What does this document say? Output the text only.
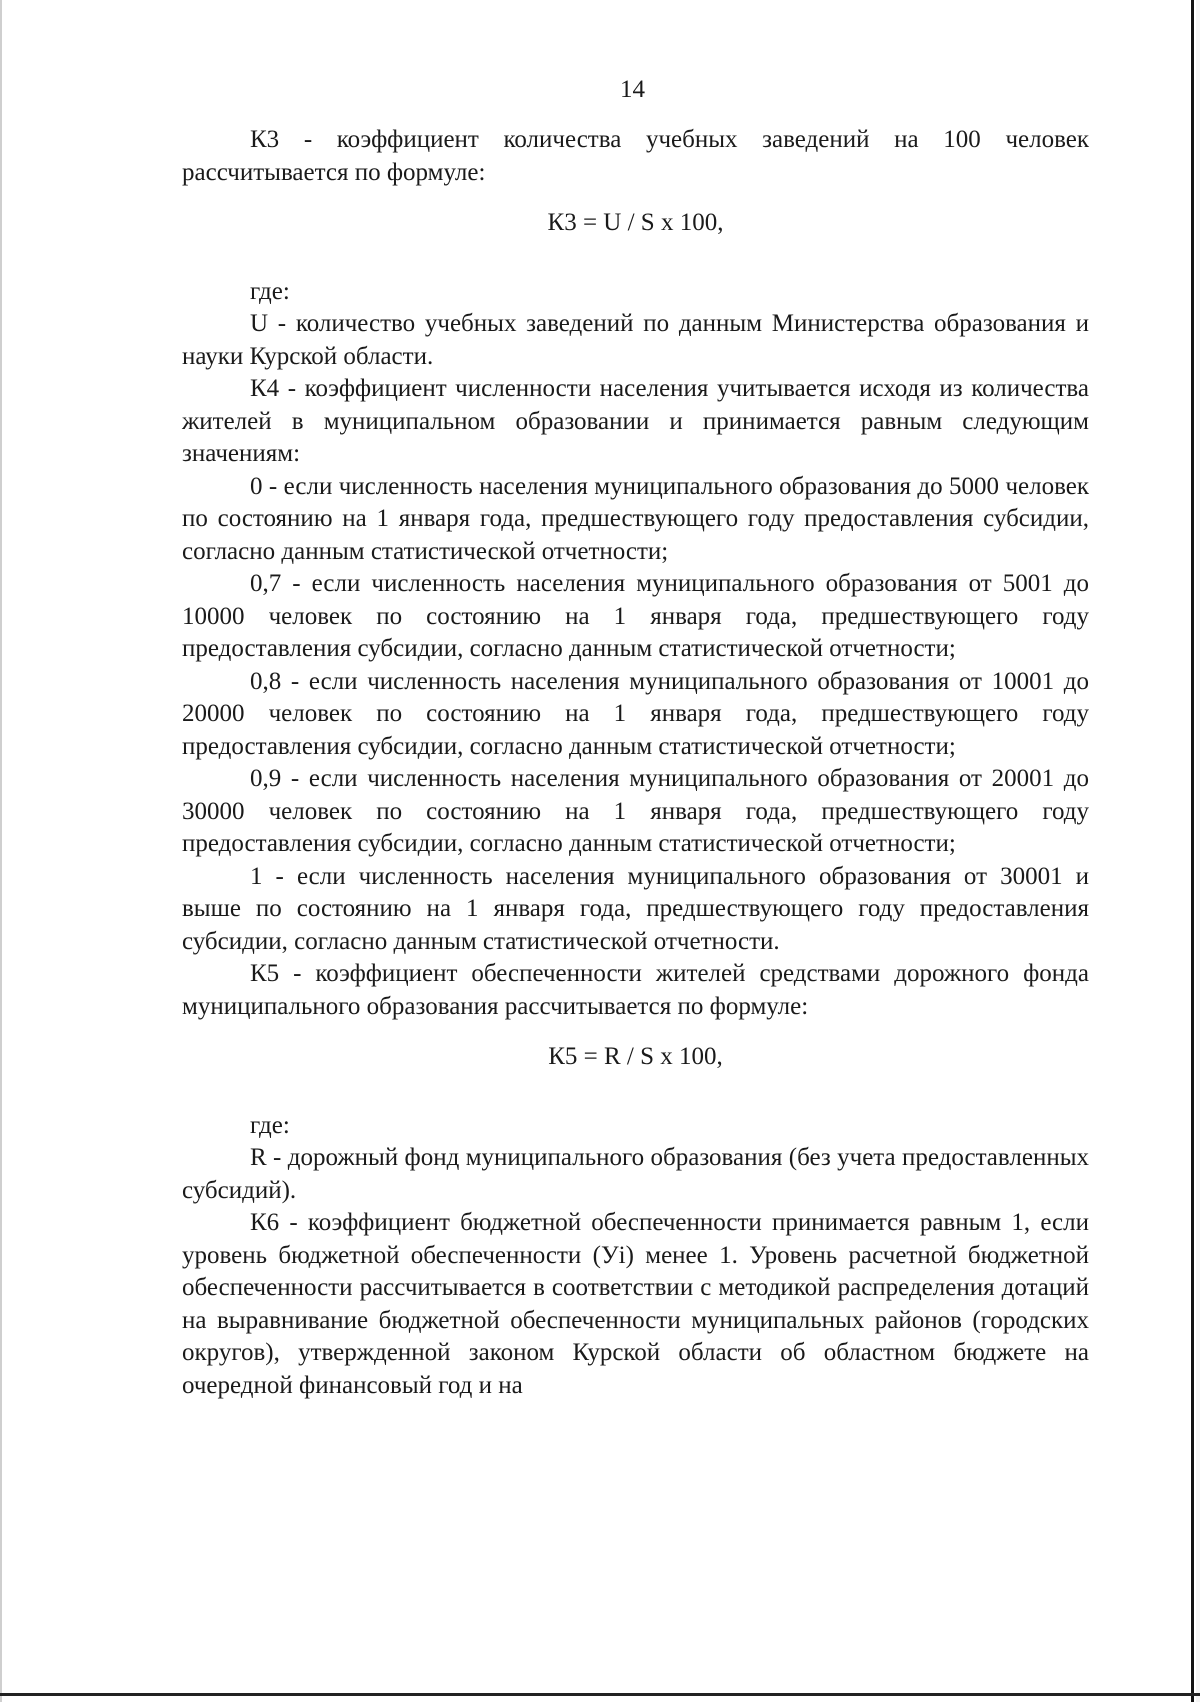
14

К3 - коэффициент количества учебных заведений на 100 человек рассчитывается по формуле:

К3 = U / S х 100,

где:

U - количество учебных заведений по данным Министерства образования и науки Курской области.

К4 - коэффициент численности населения учитывается исходя из количества жителей в муниципальном образовании и принимается равным следующим значениям:

0 - если численность населения муниципального образования до 5000 человек по состоянию на 1 января года, предшествующего году предоставления субсидии, согласно данным статистической отчетности;

0,7 - если численность населения муниципального образования от 5001 до 10000 человек по состоянию на 1 января года, предшествующего году предоставления субсидии, согласно данным статистической отчетности;

0,8 - если численность населения муниципального образования от 10001 до 20000 человек по состоянию на 1 января года, предшествующего году предоставления субсидии, согласно данным статистической отчетности;

0,9 - если численность населения муниципального образования от 20001 до 30000 человек по состоянию на 1 января года, предшествующего году предоставления субсидии, согласно данным статистической отчетности;

1 - если численность населения муниципального образования от 30001 и выше по состоянию на 1 января года, предшествующего году предоставления субсидии, согласно данным статистической отчетности.

К5 - коэффициент обеспеченности жителей средствами дорожного фонда муниципального образования рассчитывается по формуле:

К5 = R / S х 100,

где:

R - дорожный фонд муниципального образования (без учета предоставленных субсидий).

К6 - коэффициент бюджетной обеспеченности принимается равным 1, если уровень бюджетной обеспеченности (Уi) менее 1. Уровень расчетной бюджетной обеспеченности рассчитывается в соответствии с методикой распределения дотаций на выравнивание бюджетной обеспеченности муниципальных районов (городских округов), утвержденной законом Курской области об областном бюджете на очередной финансовый год и на
